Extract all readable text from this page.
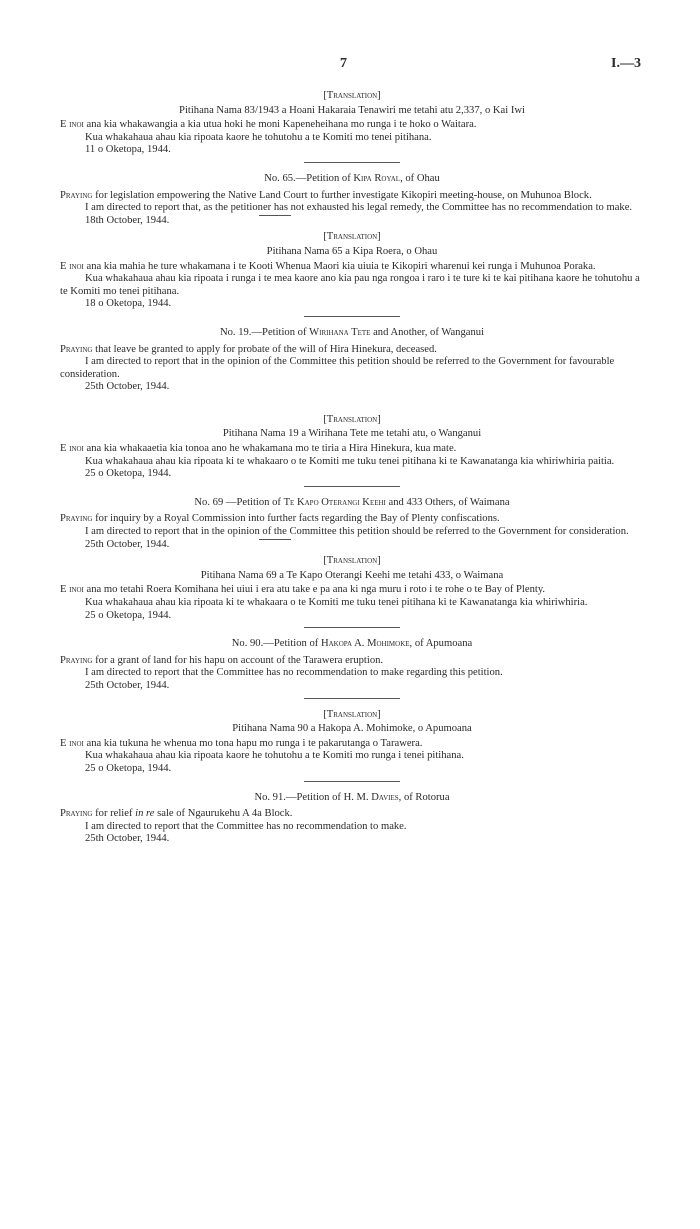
7	I.—3

[Translation]

Pitihana Nama 83/1943 a Hoani Hakaraia Tenawiri me tetahi atu 2,337, o Kai Iwi

E inoi ana kia whakawangia a kia utua hoki he moni Kapeneheihana mo runga i te hoko o Waitara.

Kua whakahaua ahau kia ripoata kaore he tohutohu a te Komiti mo tenei pitihana.

11 o Oketopa, 1944.

No. 65.—Petition of Kipa Royal, of Ohau

Praying for legislation empowering the Native Land Court to further investigate Kikopiri meeting-house, on Muhunoa Block.

I am directed to report that, as the petitioner has not exhausted his legal remedy, the Committee has no recommendation to make.

18th October, 1944.

[Translation]

Pitihana Nama 65 a Kipa Roera, o Ohau

E inoi ana kia mahia he ture whakamana i te Kooti Whenua Maori kia uiuia te Kikopiri wharenui kei runga i Muhunoa Poraka.

Kua whakahaua ahau kia ripoata i runga i te mea kaore ano kia pau nga rongoa i raro i te ture ki te kai pitihana kaore he tohutohu a te Komiti mo tenei pitihana.

18 o Oketopa, 1944.

No. 19.—Petition of Wirihana Tete and Another, of Wanganui

Praying that leave be granted to apply for probate of the will of Hira Hinekura, deceased.

I am directed to report that in the opinion of the Committee this petition should be referred to the Government for favourable consideration.

25th October, 1944.

[Translation]

Pitihana Nama 19 a Wirihana Tete me tetahi atu, o Wanganui

E inoi ana kia whakaaetia kia tonoa ano he whakamana mo te tiria a Hira Hinekura, kua mate.

Kua whakahaua ahau kia ripoata ki te whakaaro o te Komiti me tuku tenei pitihana ki te Kawanatanga kia whiriwhiria paitia.

25 o Oketopa, 1944.

No. 69 —Petition of Te Kapo Oterangi Keehi and 433 Others, of Waimana

Praying for inquiry by a Royal Commission into further facts regarding the Bay of Plenty confiscations.

I am directed to report that in the opinion of the Committee this petition should be referred to the Government for consideration.

25th October, 1944.

[Translation]

Pitihana Nama 69 a Te Kapo Oterangi Keehi me tetahi 433, o Waimana

E inoi ana mo tetahi Roera Komihana hei uiui i era atu take e pa ana ki nga muru i roto i te rohe o te Bay of Plenty.

Kua whakahaua ahau kia ripoata ki te whakaara o te Komiti me tuku tenei pitihana ki te Kawanatanga kia whiriwhiria.

25 o Oketopa, 1944.

No. 90.—Petition of Hakopa A. Mohimoke, of Apumoana

Praying for a grant of land for his hapu on account of the Tarawera eruption.

I am directed to report that the Committee has no recommendation to make regarding this petition.

25th October, 1944.

[Translation]

Pitihana Nama 90 a Hakopa A. Mohimoke, o Apumoana

E inoi ana kia tukuna he whenua mo tona hapu mo runga i te pakarutanga o Tarawera.

Kua whakahaua ahau kia ripoata kaore he tohutohu a te Komiti mo runga i tenei pitihana.

25 o Oketopa, 1944.

No. 91.—Petition of H. M. Davies, of Rotorua

Praying for relief in re sale of Ngaurukehu A 4a Block.

I am directed to report that the Committee has no recommendation to make.

25th October, 1944.
